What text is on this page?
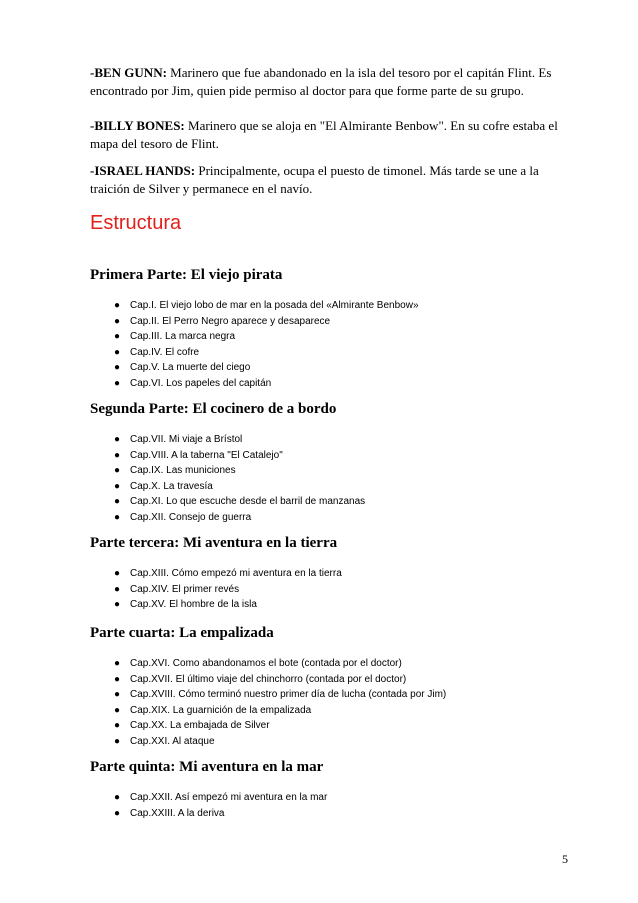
-BEN GUNN: Marinero que fue abandonado en la isla del tesoro por el capitán Flint. Es encontrado por Jim, quien pide permiso al doctor para que forme parte de su grupo.

-BILLY BONES: Marinero que se aloja en "El Almirante Benbow". En su cofre estaba el mapa del tesoro de Flint.

-ISRAEL HANDS: Principalmente, ocupa el puesto de timonel. Más tarde se une a la traición de Silver y permanece en el navío.

Estructura
Primera Parte: El viejo pirata
● Cap.I. El viejo lobo de mar en la posada del «Almirante Benbow»
● Cap.II. El Perro Negro aparece y desaparece
● Cap.III. La marca negra
● Cap.IV. El cofre
● Cap.V. La muerte del ciego
● Cap.VI. Los papeles del capitán
Segunda Parte: El cocinero de a bordo
● Cap.VII. Mi viaje a Brístol
● Cap.VIII. A la taberna "El Catalejo"
● Cap.IX. Las municiones
● Cap.X. La travesía
● Cap.XI. Lo que escuche desde el barril de manzanas
● Cap.XII. Consejo de guerra
Parte tercera: Mi aventura en la tierra
● Cap.XIII. Cómo empezó mi aventura en la tierra
● Cap.XIV. El primer revés
● Cap.XV. El hombre de la isla
Parte cuarta: La empalizada
● Cap.XVI. Como abandonamos el bote (contada por el doctor)
● Cap.XVII. El último viaje del chinchorro (contada por el doctor)
● Cap.XVIII. Cómo terminó nuestro primer día de lucha (contada por Jim)
● Cap.XIX. La guarnición de la empalizada
● Cap.XX. La embajada de Silver
● Cap.XXI. Al ataque
Parte quinta: Mi aventura en la mar
● Cap.XXII. Así empezó mi aventura en la mar
● Cap.XXIII. A la deriva
5
